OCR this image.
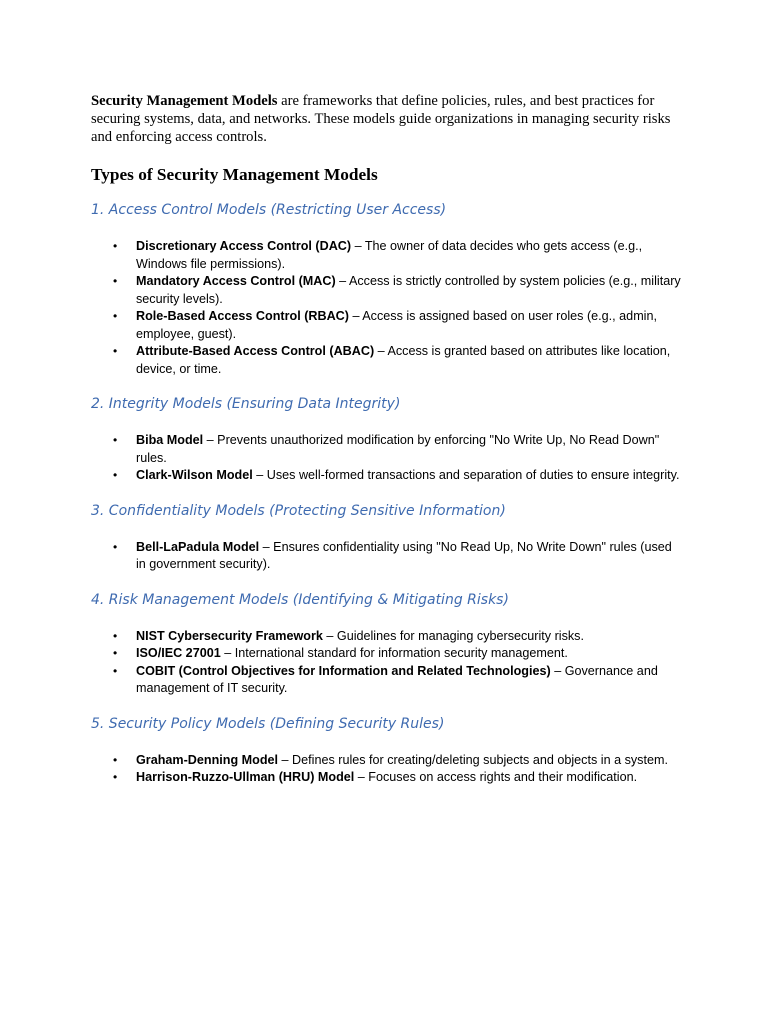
Security Management Models are frameworks that define policies, rules, and best practices for securing systems, data, and networks. These models guide organizations in managing security risks and enforcing access controls.

Types of Security Management Models
1. Access Control Models (Restricting User Access)
• Discretionary Access Control (DAC) – The owner of data decides who gets access (e.g., Windows file permissions).
• Mandatory Access Control (MAC) – Access is strictly controlled by system policies (e.g., military security levels).
• Role-Based Access Control (RBAC) – Access is assigned based on user roles (e.g., admin, employee, guest).
• Attribute-Based Access Control (ABAC) – Access is granted based on attributes like location, device, or time.
2. Integrity Models (Ensuring Data Integrity)
• Biba Model – Prevents unauthorized modification by enforcing "No Write Up, No Read Down" rules.
• Clark-Wilson Model – Uses well-formed transactions and separation of duties to ensure integrity.
3. Confidentiality Models (Protecting Sensitive Information)
• Bell-LaPadula Model – Ensures confidentiality using "No Read Up, No Write Down" rules (used in government security).
4. Risk Management Models (Identifying & Mitigating Risks)
• NIST Cybersecurity Framework – Guidelines for managing cybersecurity risks.
• ISO/IEC 27001 – International standard for information security management.
• COBIT (Control Objectives for Information and Related Technologies) – Governance and management of IT security.
5. Security Policy Models (Defining Security Rules)
• Graham-Denning Model – Defines rules for creating/deleting subjects and objects in a system.
• Harrison-Ruzzo-Ullman (HRU) Model – Focuses on access rights and their modification.
